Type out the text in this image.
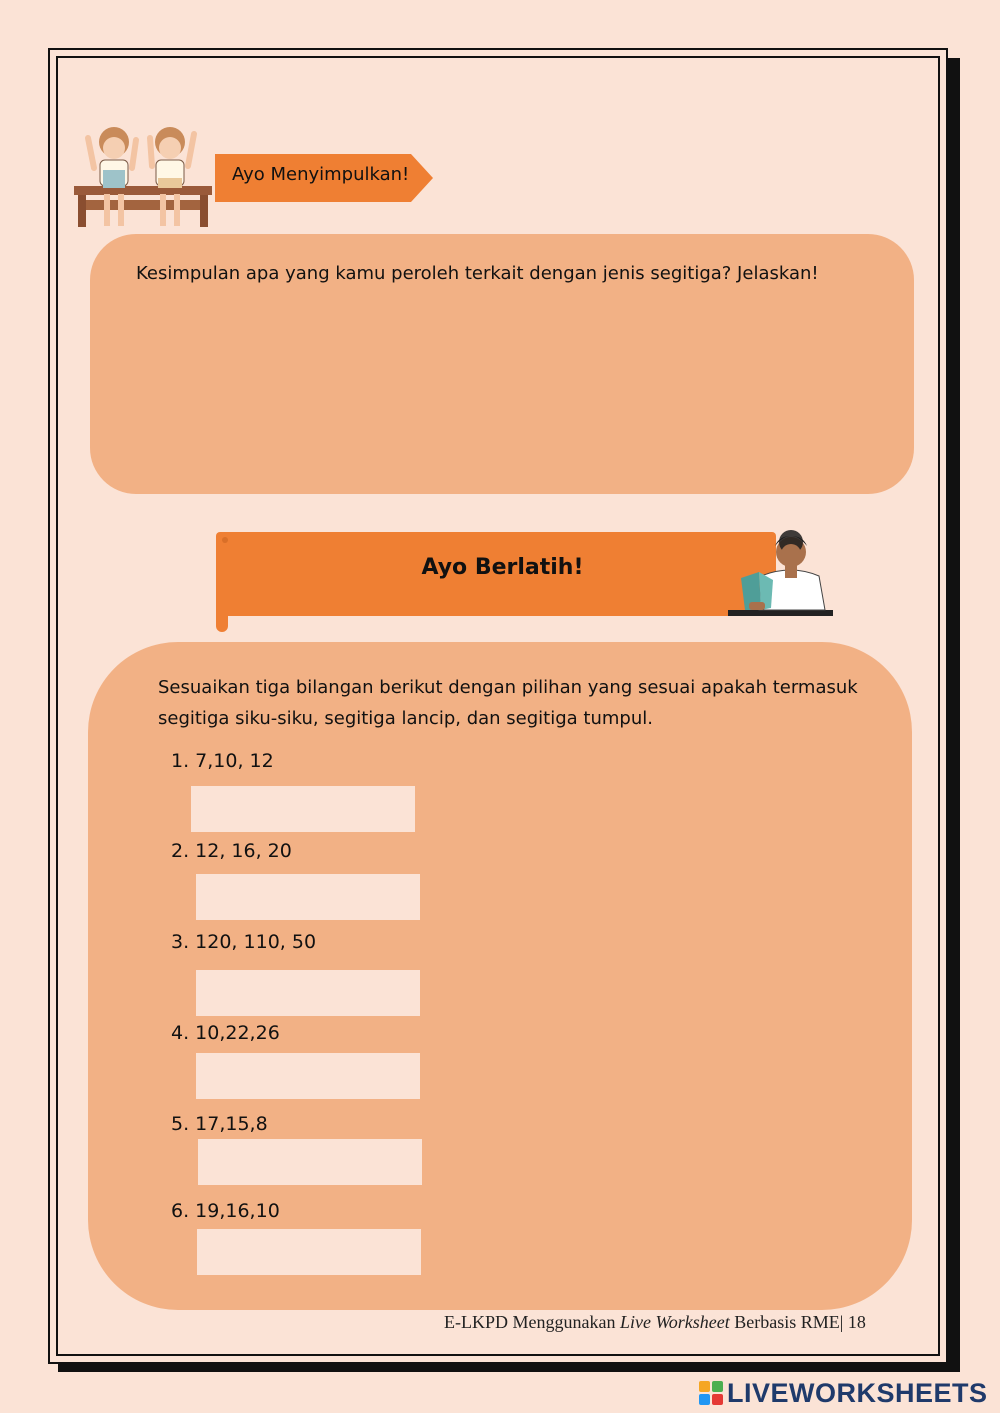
Ayo Menyimpulkan!
Kesimpulan apa yang kamu peroleh terkait dengan jenis segitiga? Jelaskan!
Ayo Berlatih!
Sesuaikan tiga bilangan berikut dengan pilihan yang sesuai apakah termasuk segitiga siku-siku, segitiga lancip, dan segitiga tumpul.
1. 7,10, 12
2. 12, 16, 20
3. 120, 110, 50
4. 10,22,26
5. 17,15,8
6. 19,16,10
E-LKPD Menggunakan Live Worksheet Berbasis RME| 18
LIVEWORKSHEETS
